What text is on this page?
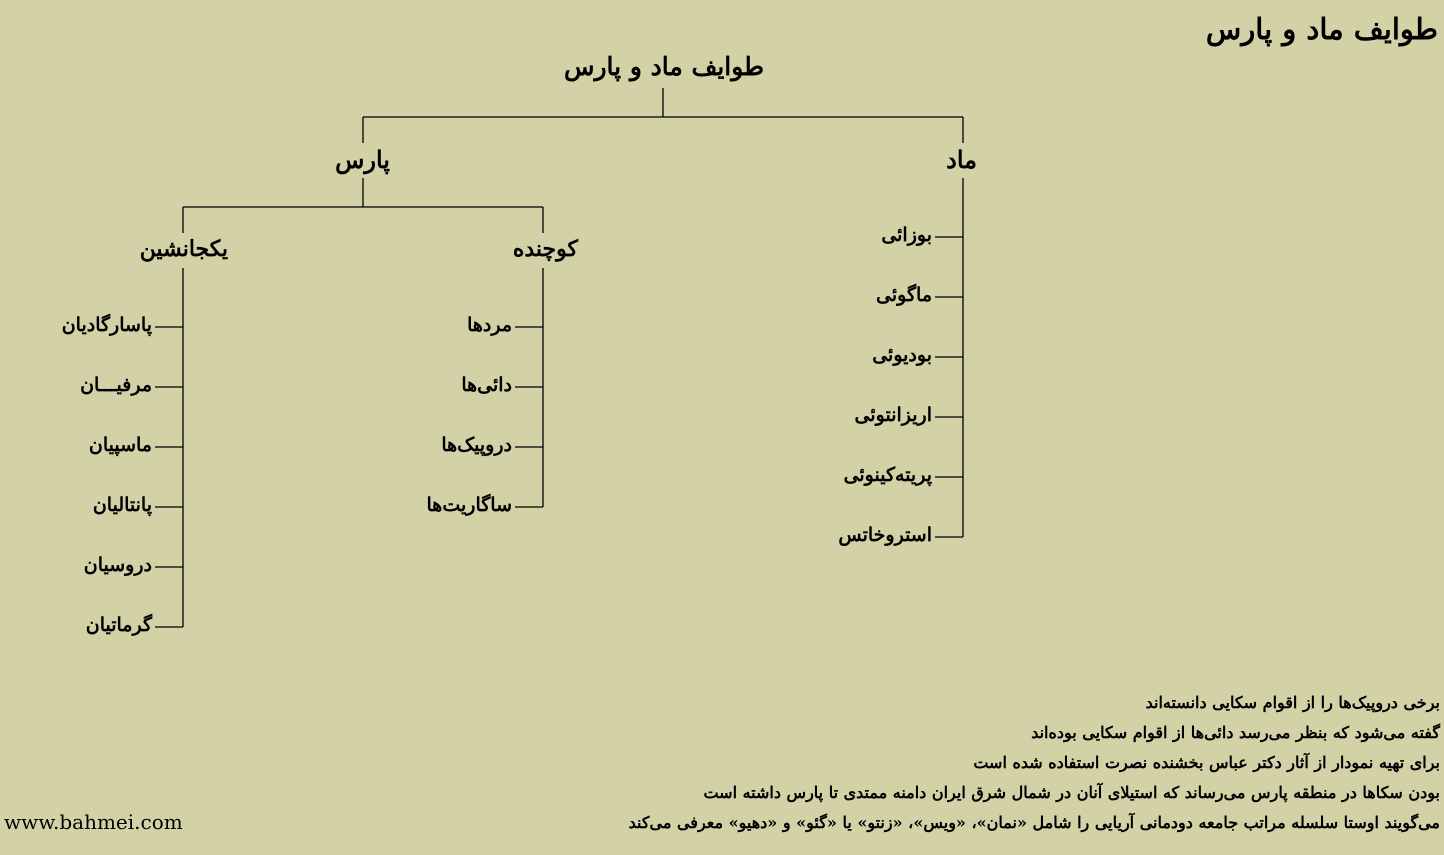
طوایف ماد و پارس
طوایف ماد و پارس
پارس	ماد
یکجانشین	کوچنده
بوزائی
ماگوئی
بودیوئی
اریزانتوئی
پریته‌کینوئی
استروخاتس
مردها
دائی‌ها
دروپیک‌ها
ساگاریت‌ها
پاسارگادیان
مرفیـــان
ماسپیان
پانتالیان
دروسیان
گرماتیان
برخی دروپیک‌ها را از اقوام سکایی دانسته‌اند
گفته می‌شود که بنظر می‌رسد دائی‌ها از اقوام سکایی بوده‌اند
برای تهیه نمودار از آثار دکتر عباس بخشنده نصرت استفاده شده است
بودن سکاها در منطقه پارس می‌رساند که استیلای آنان در شمال شرق ایران دامنه ممتدی تا پارس داشته است
می‌گویند اوستا سلسله مراتب جامعه دودمانی آریایی را شامل «نمان»، «ویس»، «زنتو» یا «گئو» و «دهیو» معرفی می‌کند
www.bahmei.com
